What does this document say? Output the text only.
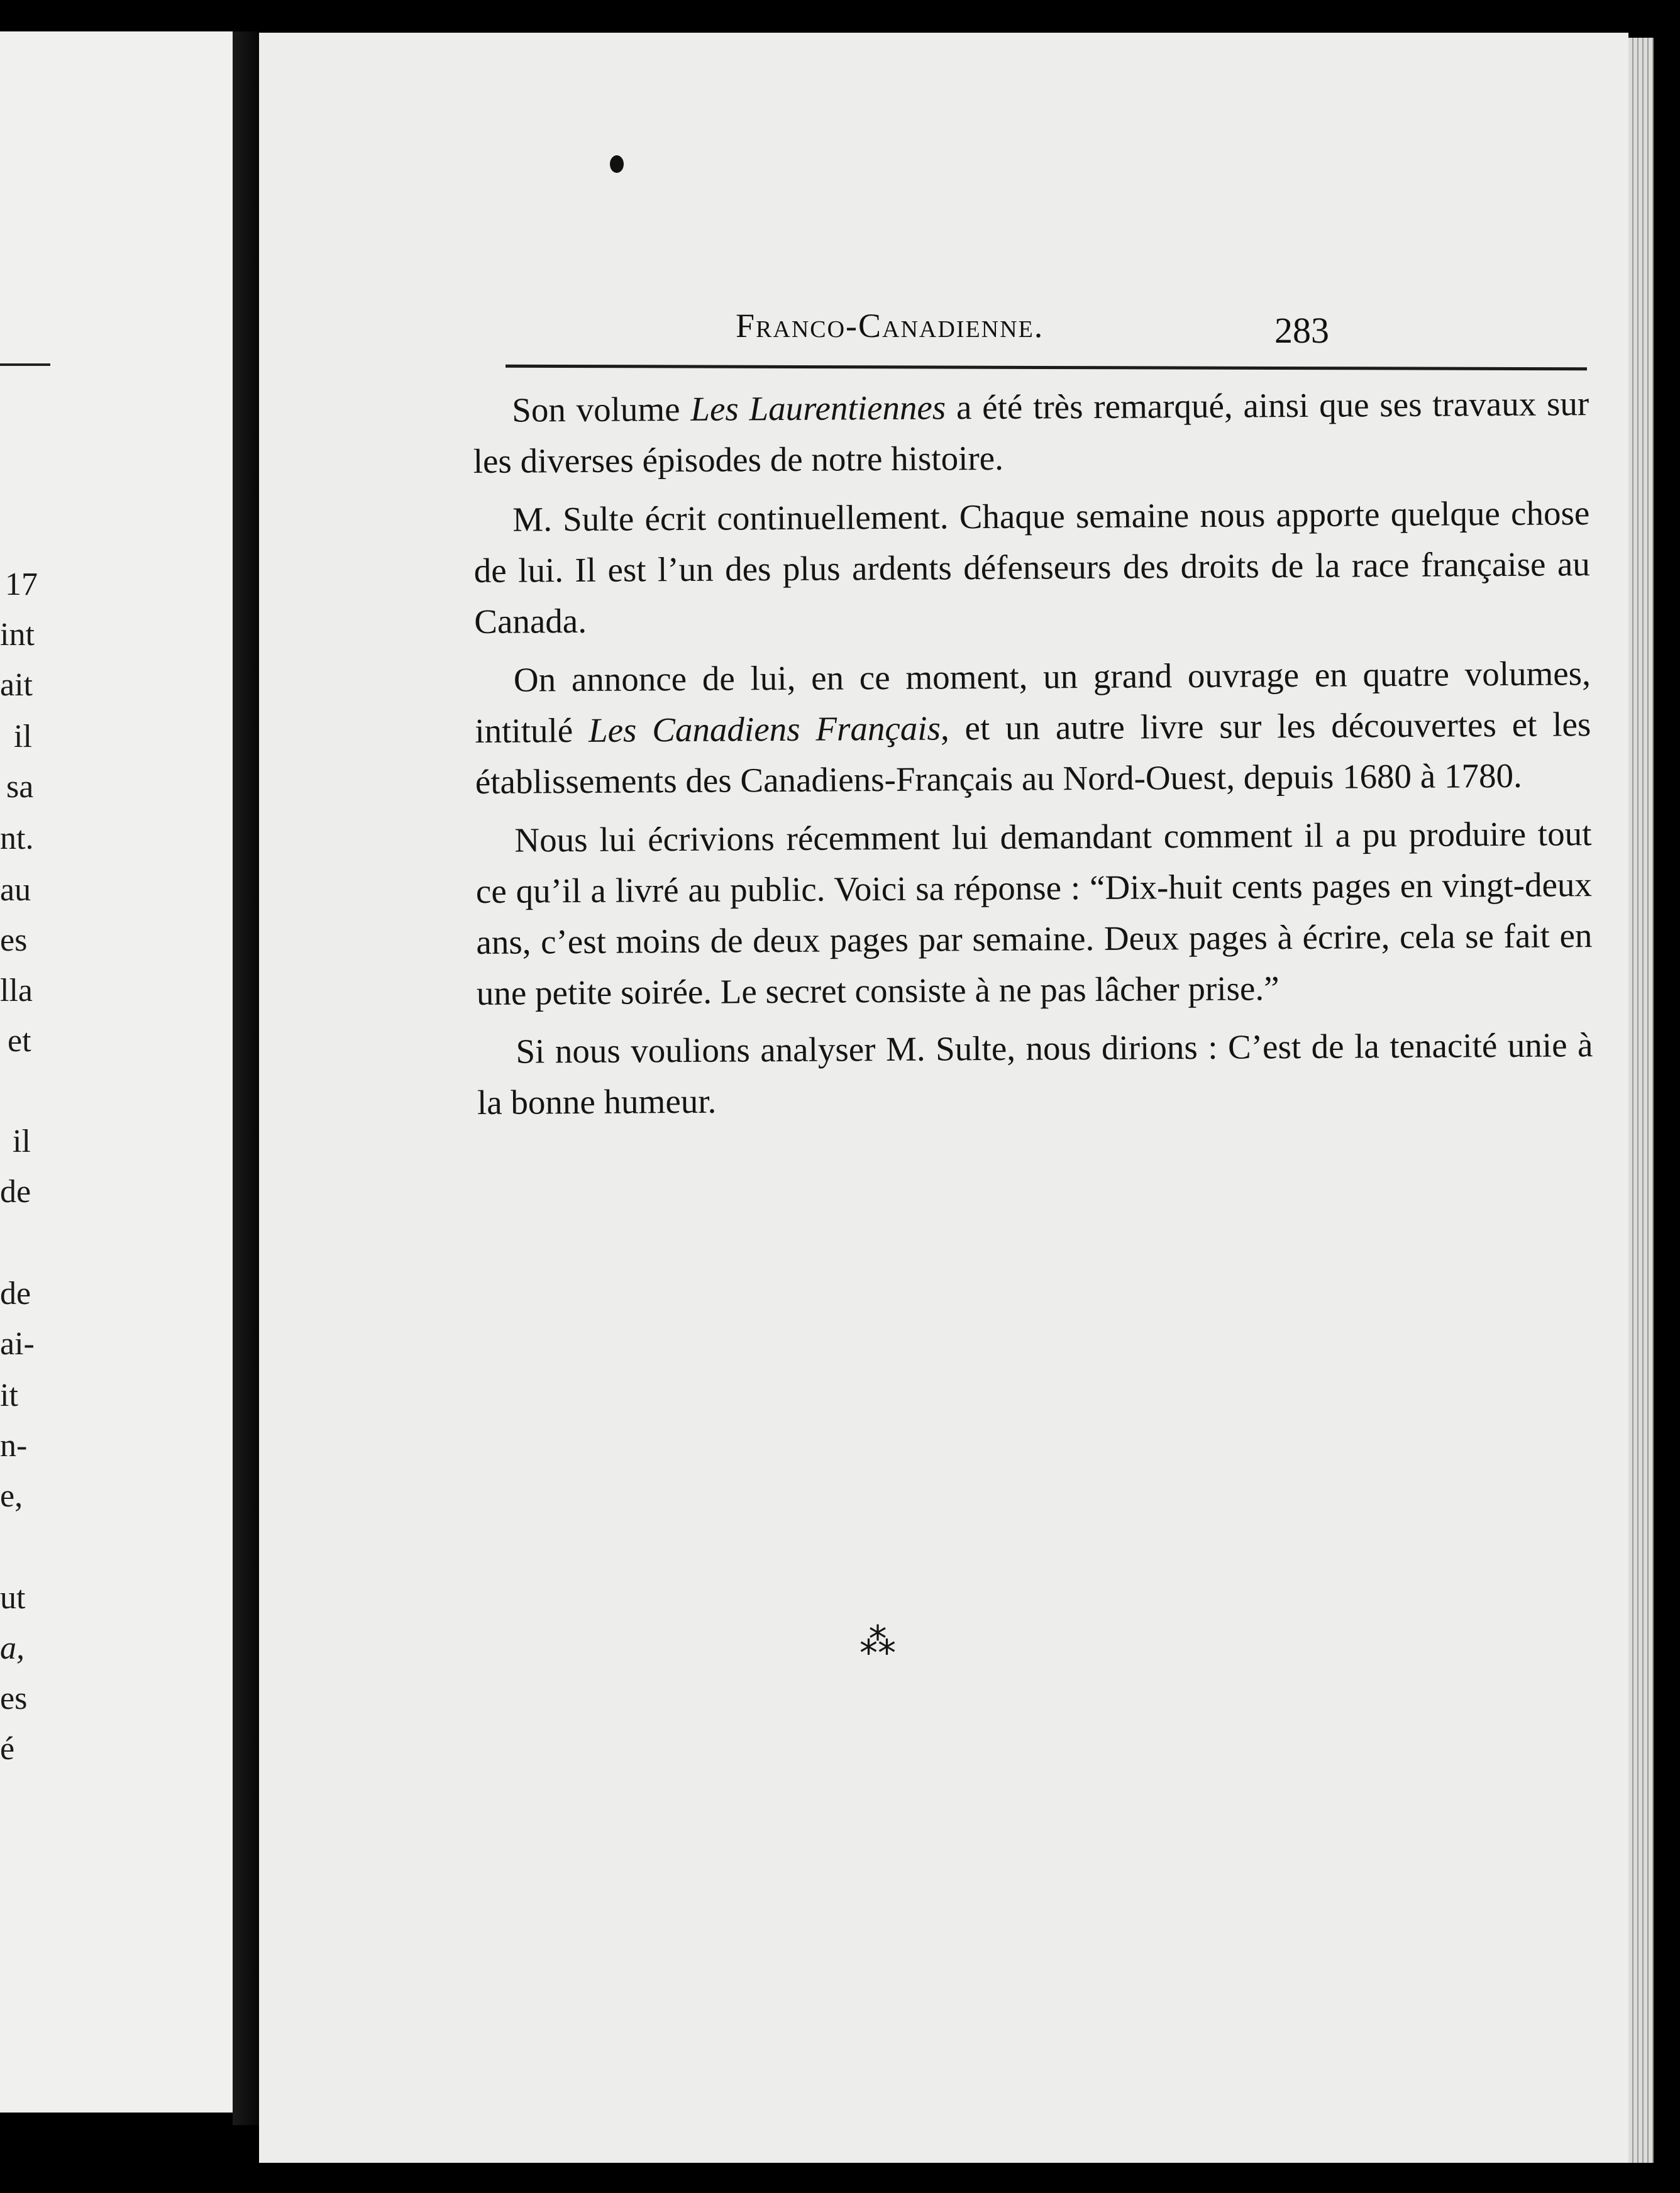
17
int
ait
il
sa
nt.
au
es
lla
et
il
de
de
ai-
it
n-
e,
ut
a,
es
é
Franco-Canadienne.	283

Son volume Les Laurentiennes a été très remarqué, ainsi que ses travaux sur les diverses épisodes de notre histoire.

M. Sulte écrit continuellement. Chaque semaine nous apporte quelque chose de lui. Il est l’un des plus ardents défenseurs des droits de la race française au Canada.

On annonce de lui, en ce moment, un grand ouvrage en quatre volumes, intitulé Les Canadiens Français, et un autre livre sur les découvertes et les établissements des Canadiens-Français au Nord-Ouest, depuis 1680 à 1780.

Nous lui écrivions récemment lui demandant comment il a pu produire tout ce qu’il a livré au public. Voici sa réponse : “Dix-huit cents pages en vingt-deux ans, c’est moins de deux pages par semaine. Deux pages à écrire, cela se fait en une petite soirée. Le secret consiste à ne pas lâcher prise.”

Si nous voulions analyser M. Sulte, nous dirions : C’est de la tenacité unie à la bonne humeur.

⁂
